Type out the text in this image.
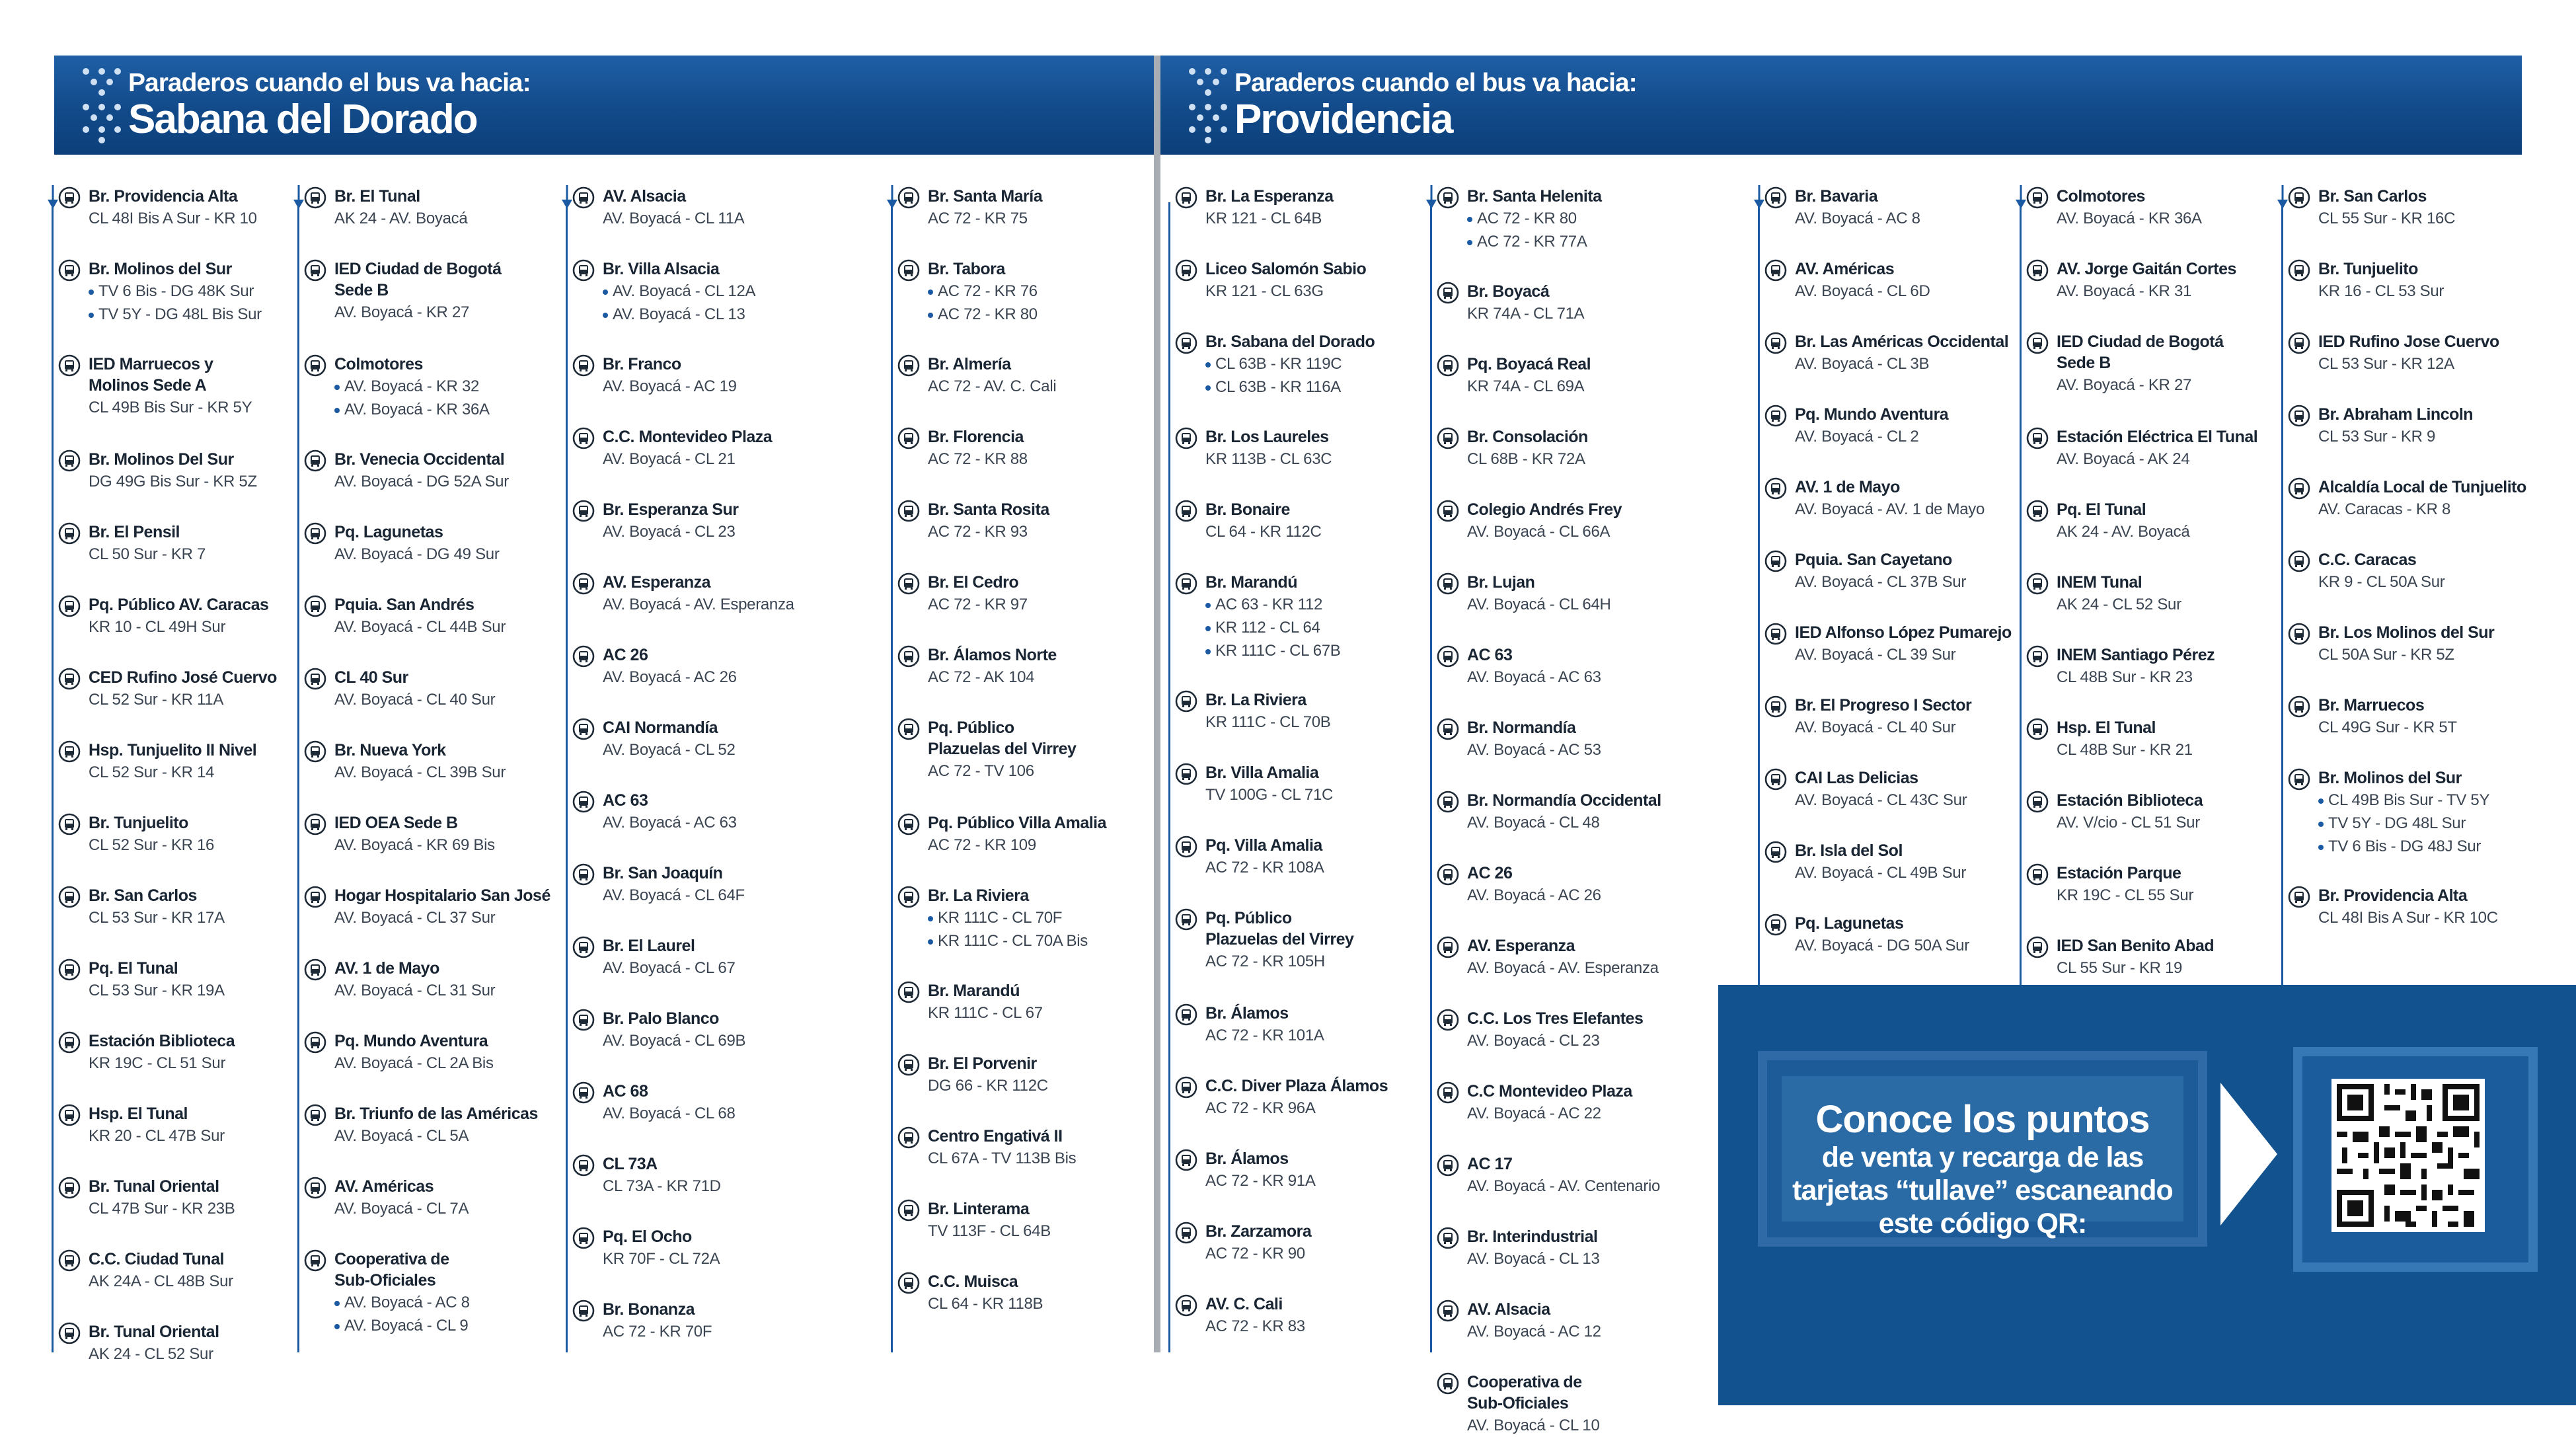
Paraderos cuando el bus va hacia:
Sabana del Dorado
Paraderos cuando el bus va hacia:
Providencia
Br. Providencia Alta
CL 48I Bis A Sur - KR 10
Br. Molinos del Sur
TV 6 Bis - DG 48K Sur
TV 5Y - DG 48L Bis Sur
IED Marruecos y
Molinos Sede A
CL 49B Bis Sur - KR 5Y
Br. Molinos Del Sur
DG 49G Bis Sur - KR 5Z
Br. El Pensil
CL 50 Sur - KR 7
Pq. Público AV. Caracas
KR 10 - CL 49H Sur
CED Rufino José Cuervo
CL 52 Sur - KR 11A
Hsp. Tunjuelito II Nivel
CL 52 Sur - KR 14
Br. Tunjuelito
CL 52 Sur - KR 16
Br. San Carlos
CL 53 Sur - KR 17A
Pq. El Tunal
CL 53 Sur - KR 19A
Estación Biblioteca
KR 19C - CL 51 Sur
Hsp. El Tunal
KR 20 - CL 47B Sur
Br. Tunal Oriental
CL 47B Sur - KR 23B
C.C. Ciudad Tunal
AK 24A - CL 48B Sur
Br. Tunal Oriental
AK 24 - CL 52 Sur
Br. El Tunal
AK 24 - AV. Boyacá
IED Ciudad de Bogotá
Sede B
AV. Boyacá - KR 27
Colmotores
AV. Boyacá - KR 32
AV. Boyacá - KR 36A
Br. Venecia Occidental
AV. Boyacá - DG 52A Sur
Pq. Lagunetas
AV. Boyacá - DG 49 Sur
Pquia. San Andrés
AV. Boyacá - CL 44B Sur
CL 40 Sur
AV. Boyacá - CL 40 Sur
Br. Nueva York
AV. Boyacá - CL 39B Sur
IED OEA Sede B
AV. Boyacá - KR 69 Bis
Hogar Hospitalario San José
AV. Boyacá - CL 37 Sur
AV. 1 de Mayo
AV. Boyacá - CL 31 Sur
Pq. Mundo Aventura
AV. Boyacá - CL 2A Bis
Br. Triunfo de las Américas
AV. Boyacá - CL 5A
AV. Américas
AV. Boyacá - CL 7A
Cooperativa de
Sub-Oficiales
AV. Boyacá - AC 8
AV. Boyacá - CL 9
AV. Alsacia
AV. Boyacá - CL 11A
Br. Villa Alsacia
AV. Boyacá - CL 12A
AV. Boyacá - CL 13
Br. Franco
AV. Boyacá - AC 19
C.C. Montevideo Plaza
AV. Boyacá - CL 21
Br. Esperanza Sur
AV. Boyacá - CL 23
AV. Esperanza
AV. Boyacá - AV. Esperanza
AC 26
AV. Boyacá - AC 26
CAI Normandía
AV. Boyacá - CL 52
AC 63
AV. Boyacá - AC 63
Br. San Joaquín
AV. Boyacá - CL 64F
Br. El Laurel
AV. Boyacá - CL 67
Br. Palo Blanco
AV. Boyacá - CL 69B
AC 68
AV. Boyacá - CL 68
CL 73A
CL 73A - KR 71D
Pq. El Ocho
KR 70F - CL 72A
Br. Bonanza
AC 72 - KR 70F
Br. Santa María
AC 72 - KR 75
Br. Tabora
AC 72 - KR 76
AC 72 - KR 80
Br. Almería
AC 72 - AV. C. Cali
Br. Florencia
AC 72 - KR 88
Br. Santa Rosita
AC 72 - KR 93
Br. El Cedro
AC 72 - KR 97
Br. Álamos Norte
AC 72 - AK 104
Pq. Público
Plazuelas del Virrey
AC 72 - TV 106
Pq. Público Villa Amalia
AC 72 - KR 109
Br. La Riviera
KR 111C - CL 70F
KR 111C - CL 70A Bis
Br. Marandú
KR 111C - CL 67
Br. El Porvenir
DG 66 - KR 112C
Centro Engativá II
CL 67A - TV 113B Bis
Br. Linterama
TV 113F - CL 64B
C.C. Muisca
CL 64 - KR 118B
Br. La Esperanza
KR 121 - CL 64B
Liceo Salomón Sabio
KR 121 - CL 63G
Br. Sabana del Dorado
CL 63B - KR 119C
CL 63B - KR 116A
Br. Los Laureles
KR 113B - CL 63C
Br. Bonaire
CL 64 - KR 112C
Br. Marandú
AC 63 - KR 112
KR 112 - CL 64
KR 111C - CL 67B
Br. La Riviera
KR 111C - CL 70B
Br. Villa Amalia
TV 100G - CL 71C
Pq. Villa Amalia
AC 72 - KR 108A
Pq. Público
Plazuelas del Virrey
AC 72 - KR 105H
Br. Álamos
AC 72 - KR 101A
C.C. Diver Plaza Álamos
AC 72 - KR 96A
Br. Álamos
AC 72 - KR 91A
Br. Zarzamora
AC 72 - KR 90
AV. C. Cali
AC 72 - KR 83
Br. Santa Helenita
AC 72 - KR 80
AC 72 - KR 77A
Br. Boyacá
KR 74A - CL 71A
Pq. Boyacá Real
KR 74A - CL 69A
Br. Consolación
CL 68B - KR 72A
Colegio Andrés Frey
AV. Boyacá - CL 66A
Br. Lujan
AV. Boyacá - CL 64H
AC 63
AV. Boyacá - AC 63
Br. Normandía
AV. Boyacá - AC 53
Br. Normandía Occidental
AV. Boyacá - CL 48
AC 26
AV. Boyacá - AC 26
AV. Esperanza
AV. Boyacá - AV. Esperanza
C.C. Los Tres Elefantes
AV. Boyacá - CL 23
C.C Montevideo Plaza
AV. Boyacá - AC 22
AC 17
AV. Boyacá - AV. Centenario
Br. Interindustrial
AV. Boyacá - CL 13
AV. Alsacia
AV. Boyacá - AC 12
Cooperativa de
Sub-Oficiales
AV. Boyacá - CL 10
Br. Bavaria
AV. Boyacá - AC 8
AV. Américas
AV. Boyacá - CL 6D
Br. Las Américas Occidental
AV. Boyacá - CL 3B
Pq. Mundo Aventura
AV. Boyacá - CL 2
AV. 1 de Mayo
AV. Boyacá - AV. 1 de Mayo
Pquia. San Cayetano
AV. Boyacá - CL 37B Sur
IED Alfonso López Pumarejo
AV. Boyacá - CL 39 Sur
Br. El Progreso I Sector
AV. Boyacá - CL 40 Sur
CAI Las Delicias
AV. Boyacá - CL 43C Sur
Br. Isla del Sol
AV. Boyacá - CL 49B Sur
Pq. Lagunetas
AV. Boyacá - DG 50A Sur
Colmotores
AV. Boyacá - KR 36A
AV. Jorge Gaitán Cortes
AV. Boyacá - KR 31
IED Ciudad de Bogotá
Sede B
AV. Boyacá - KR 27
Estación Eléctrica El Tunal
AV. Boyacá - AK 24
Pq. El Tunal
AK 24 - AV. Boyacá
INEM Tunal
AK 24 - CL 52 Sur
INEM Santiago Pérez
CL 48B Sur - KR 23
Hsp. El Tunal
CL 48B Sur - KR 21
Estación Biblioteca
AV. V/cio - CL 51 Sur
Estación Parque
KR 19C - CL 55 Sur
IED San Benito Abad
CL 55 Sur - KR 19
Br. San Carlos
CL 55 Sur - KR 16C
Br. Tunjuelito
KR 16 - CL 53 Sur
IED Rufino Jose Cuervo
CL 53 Sur - KR 12A
Br. Abraham Lincoln
CL 53 Sur - KR 9
Alcaldía Local de Tunjuelito
AV. Caracas - KR 8
C.C. Caracas
KR 9 - CL 50A Sur
Br. Los Molinos del Sur
CL 50A Sur - KR 5Z
Br. Marruecos
CL 49G Sur - KR 5T
Br. Molinos del Sur
CL 49B Bis Sur - TV 5Y
TV 5Y - DG 48L Sur
TV 6 Bis - DG 48J Sur
Br. Providencia Alta
CL 48I Bis A Sur - KR 10C
Conoce los puntos
de venta y recarga de las
tarjetas “tullave” escaneando
este código QR:
